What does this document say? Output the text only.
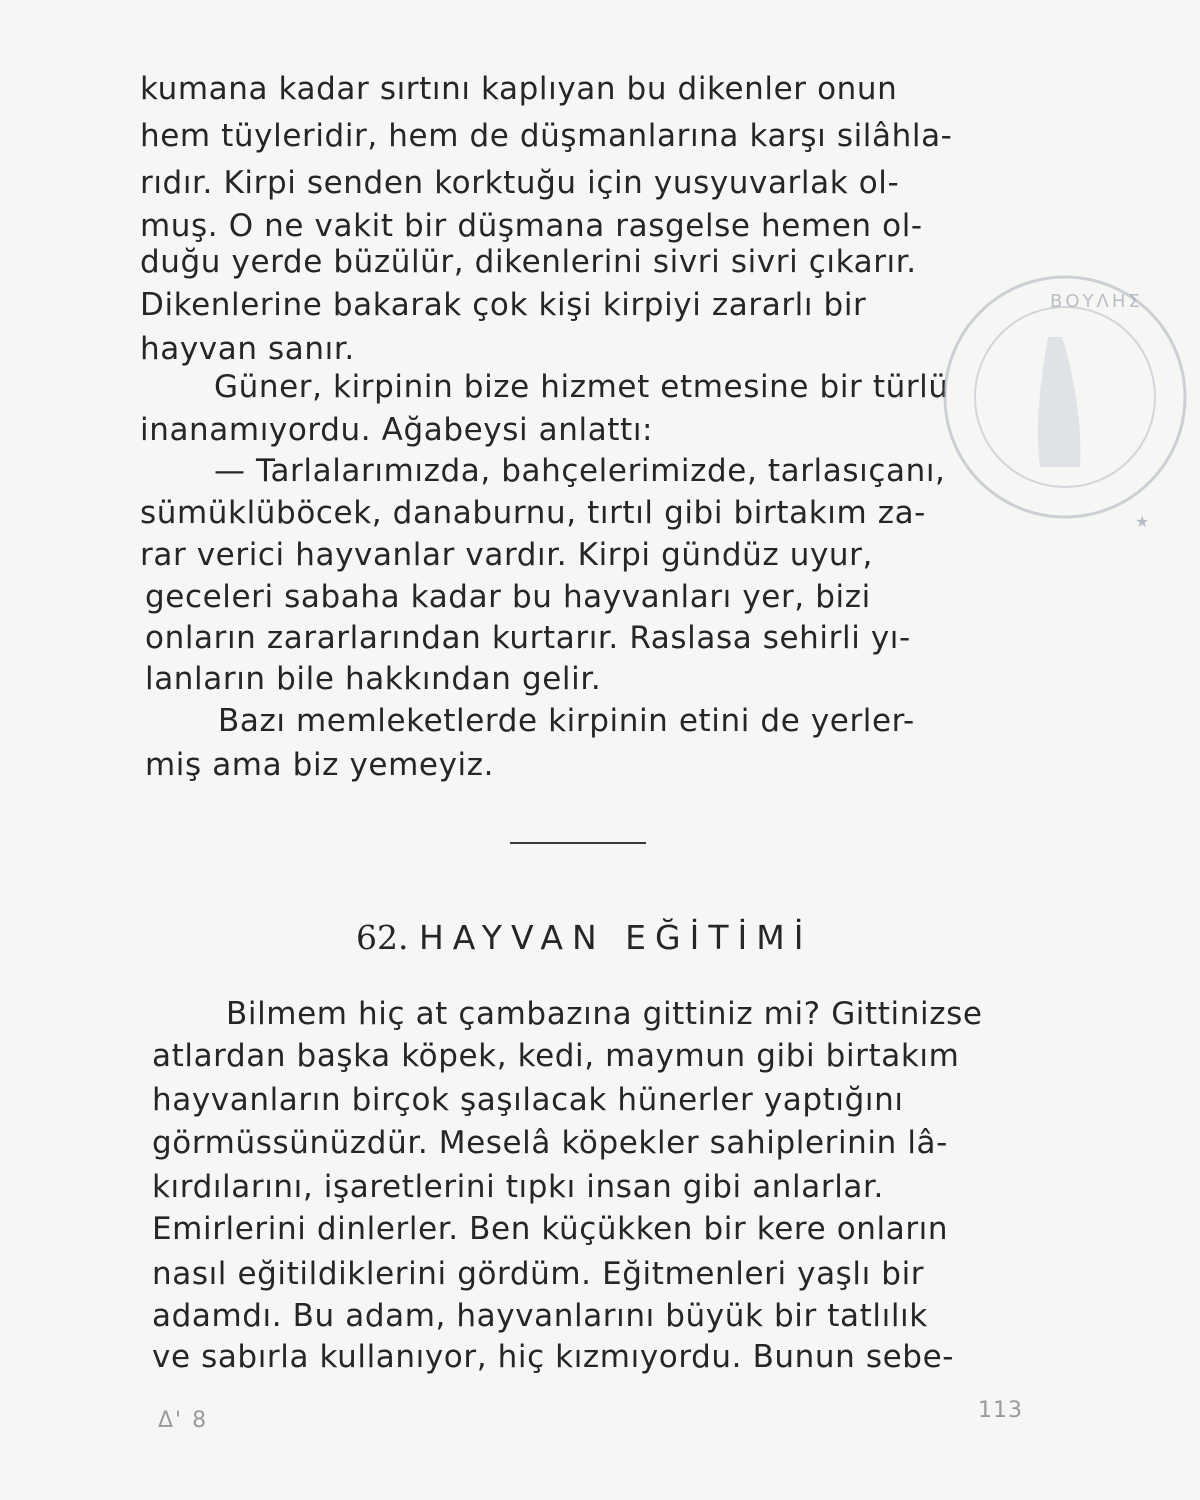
kumana kadar sırtını kaplıyan bu dikenler onun
hem tüyleridir, hem de düşmanlarına karşı silâhla-
rıdır. Kirpi senden korktuğu için yusyuvarlak ol-
muş. O ne vakit bir düşmana rasgelse hemen ol-
duğu yerde büzülür, dikenlerini sivri sivri çıkarır.
Dikenlerine bakarak çok kişi kirpiyi zararlı bir
hayvan sanır.
Güner, kirpinin bize hizmet etmesine bir türlü
inanamıyordu. Ağabeysi anlattı:
— Tarlalarımızda, bahçelerimizde, tarlasıçanı,
sümüklüböcek, danaburnu, tırtıl gibi birtakım za-
rar verici hayvanlar vardır. Kirpi gündüz uyur,
geceleri sabaha kadar bu hayvanları yer, bizi
onların zararlarından kurtarır. Raslasa sehirli yı-
lanların bile hakkından gelir.
Bazı memleketlerde kirpinin etini de yerler-
miş ama biz yemeyiz.
62. HAYVAN EĞİTİMİ
Bilmem hiç at çambazına gittiniz mi? Gittinizse
atlardan başka köpek, kedi, maymun gibi birtakım
hayvanların birçok şaşılacak hünerler yaptığını
görmüssünüzdür. Meselâ köpekler sahiplerinin lâ-
kırdılarını, işaretlerini tıpkı insan gibi anlarlar.
Emirlerini dinlerler. Ben küçükken bir kere onların
nasıl eğitildiklerini gördüm. Eğitmenleri yaşlı bir
adamdı. Bu adam, hayvanlarını büyük bir tatlılık
ve sabırla kullanıyor, hiç kızmıyordu. Bunun sebe-
Δ' 8	113
ΒΟΥΛΗΣ
★
